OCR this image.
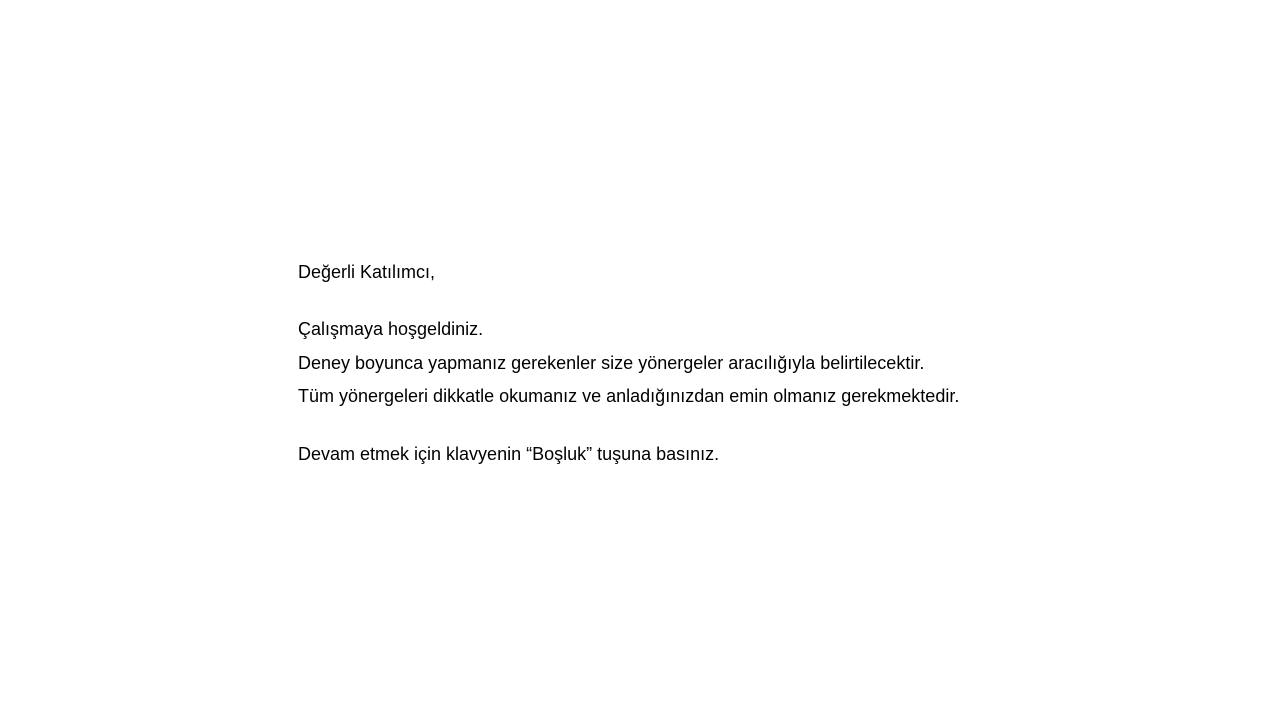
Değerli Katılımcı,
Çalışmaya hoşgeldiniz.
Deney boyunca yapmanız gerekenler size yönergeler aracılığıyla belirtilecektir.
Tüm yönergeleri dikkatle okumanız ve anladığınızdan emin olmanız gerekmektedir.
Devam etmek için klavyenin “Boşluk” tuşuna basınız.
